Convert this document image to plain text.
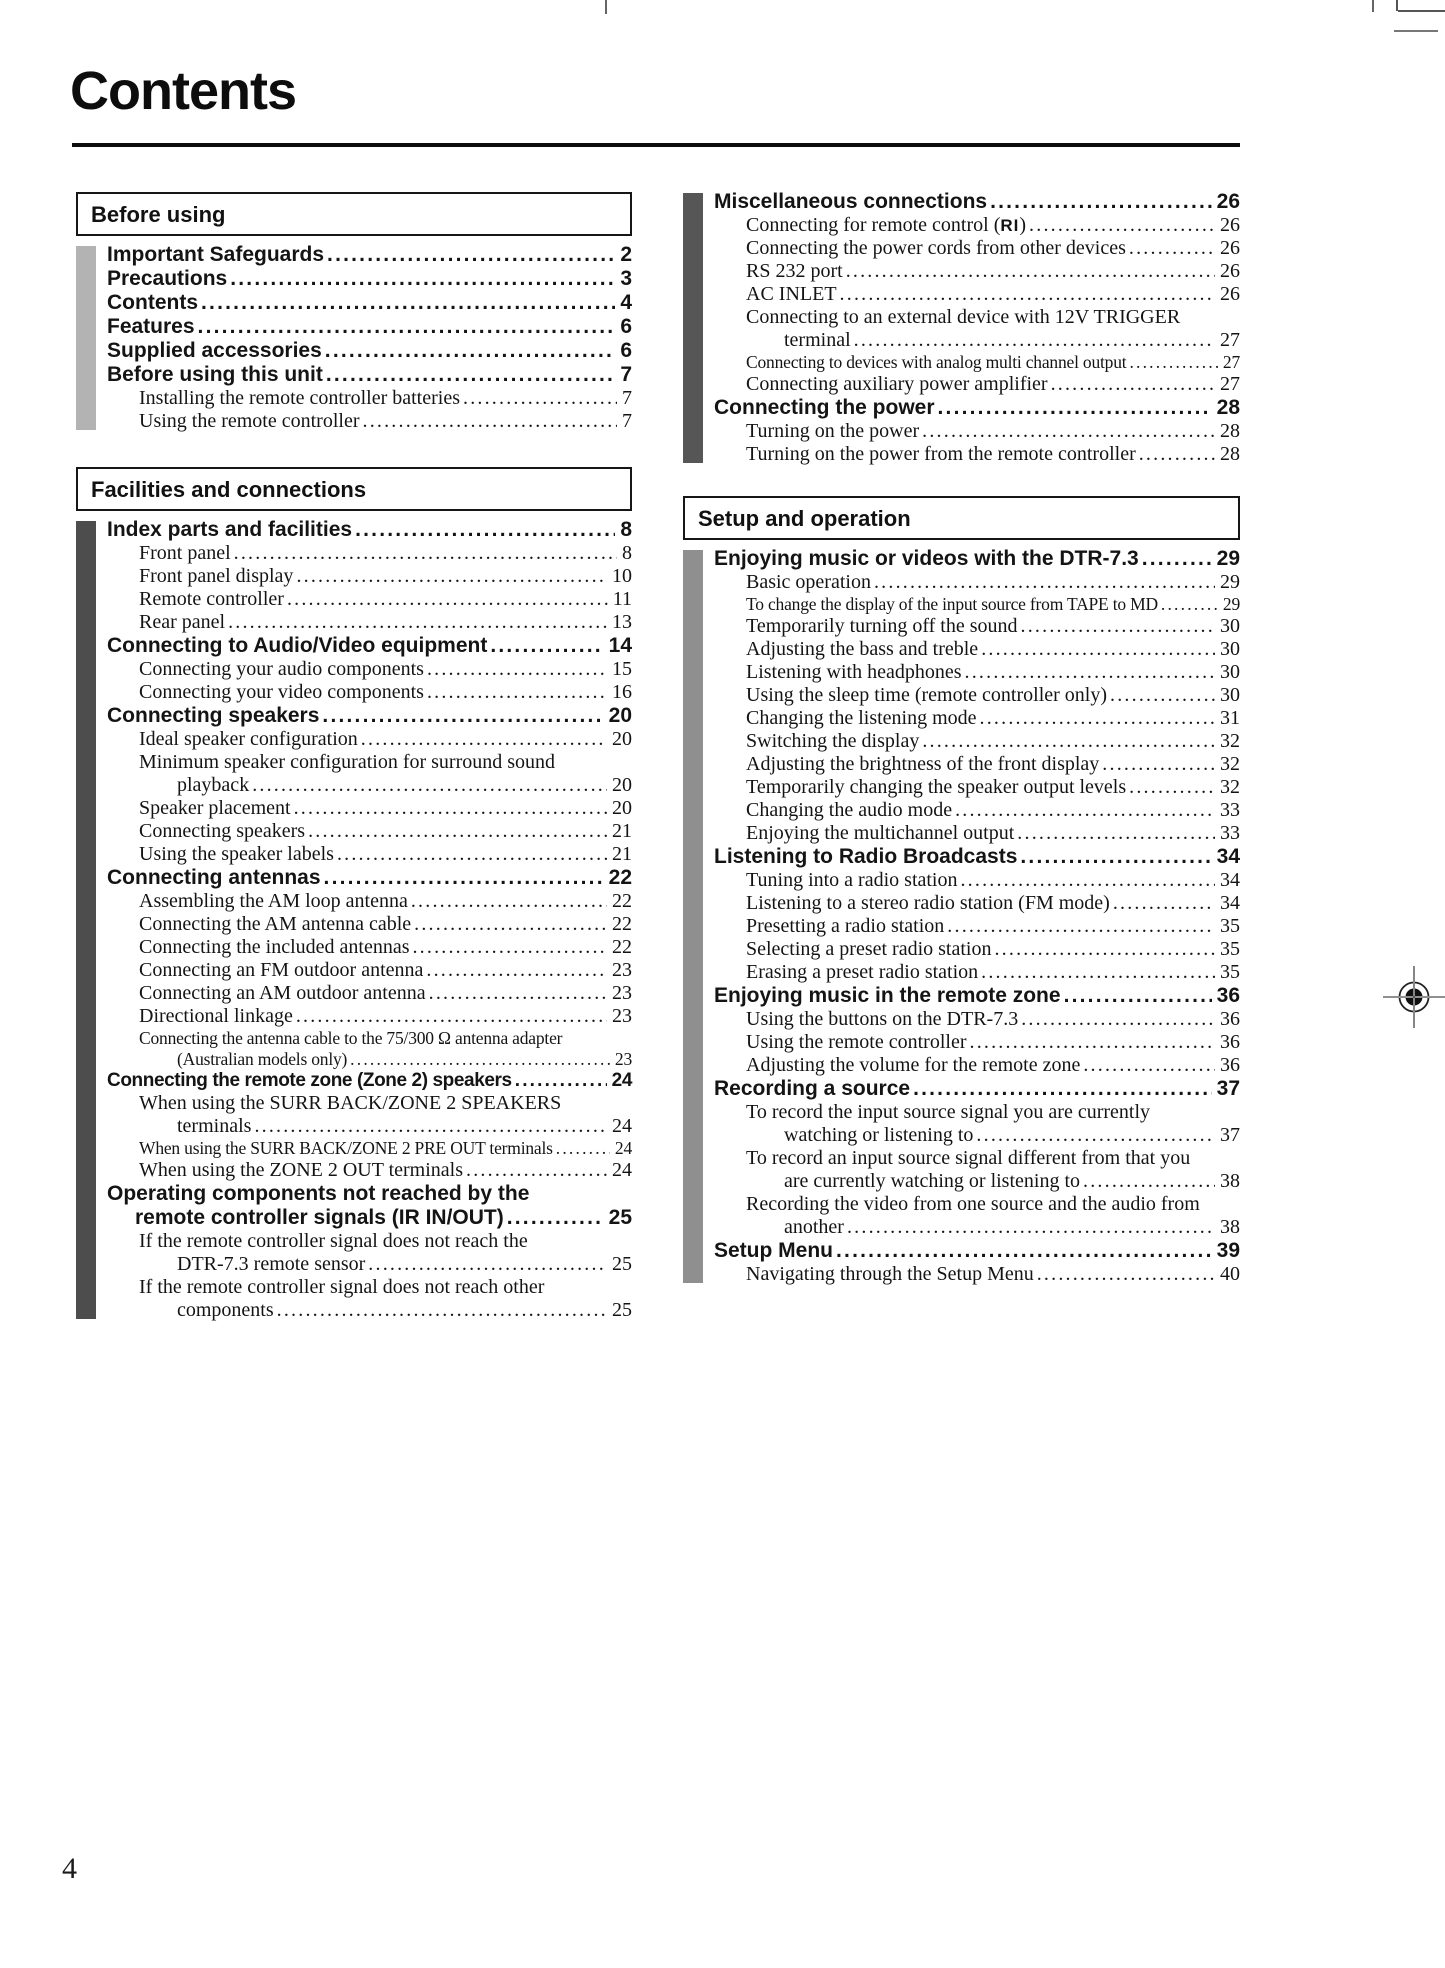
Contents
Before using
Important Safeguards .....	2
Precautions .....	3
Contents .....	4
Features .....	6
Supplied accessories .....	6
Before using this unit .....	7
Installing the remote controller batteries .....	7
Using the remote controller .....	7
Facilities and connections
Index parts and facilities .....	8
Front panel .....	8
Front panel display .....	10
Remote controller .....	11
Rear panel .....	13
Connecting to Audio/Video equipment .....	14
Connecting your audio components .....	15
Connecting your video components .....	16
Connecting speakers .....	20
Ideal speaker configuration .....	20
Minimum speaker configuration for surround sound
playback .....	20
Speaker placement .....	20
Connecting speakers .....	21
Using the speaker labels .....	21
Connecting antennas .....	22
Assembling the AM loop antenna .....	22
Connecting the AM antenna cable .....	22
Connecting the included antennas .....	22
Connecting an FM outdoor antenna .....	23
Connecting an AM outdoor antenna .....	23
Directional linkage .....	23
Connecting the antenna cable to the 75/300 Ω antenna adapter
(Australian models only) .....	23
Connecting the remote zone (Zone 2) speakers .....	24
When using the SURR BACK/ZONE 2 SPEAKERS
terminals .....	24
When using the SURR BACK/ZONE 2 PRE OUT terminals .....	24
When using the ZONE 2 OUT terminals .....	24
Operating components not reached by the
remote controller signals (IR IN/OUT) .....	25
If the remote controller signal does not reach the
DTR-7.3 remote sensor .....	25
If the remote controller signal does not reach other
components .....	25
Miscellaneous connections .....	26
Connecting for remote control (RI) .....	26
Connecting the power cords from other devices .....	26
RS 232 port .....	26
AC INLET .....	26
Connecting to an external device with 12V TRIGGER
terminal .....	27
Connecting to devices with analog multi channel output .....	27
Connecting auxiliary power amplifier .....	27
Connecting the power .....	28
Turning on the power .....	28
Turning on the power from the remote controller .....	28
Setup and operation
Enjoying music or videos with the DTR-7.3 .....	29
Basic operation .....	29
To change the display of the input source from TAPE to MD .....	29
Temporarily turning off the sound .....	30
Adjusting the bass and treble .....	30
Listening with headphones .....	30
Using the sleep time (remote controller only) .....	30
Changing the listening mode .....	31
Switching the display .....	32
Adjusting the brightness of the front display .....	32
Temporarily changing the speaker output levels .....	32
Changing the audio mode .....	33
Enjoying the multichannel output .....	33
Listening to Radio Broadcasts .....	34
Tuning into a radio station .....	34
Listening to a stereo radio station (FM mode) .....	34
Presetting a radio station .....	35
Selecting a preset radio station .....	35
Erasing a preset radio station .....	35
Enjoying music in the remote zone .....	36
Using the buttons on the DTR-7.3 .....	36
Using the remote controller .....	36
Adjusting the volume for the remote zone .....	36
Recording a source .....	37
To record the input source signal you are currently
watching or listening to .....	37
To record an input source signal different from that you
are currently watching or listening to .....	38
Recording the video from one source and the audio from
another .....	38
Setup Menu .....	39
Navigating through the Setup Menu .....	40
4
